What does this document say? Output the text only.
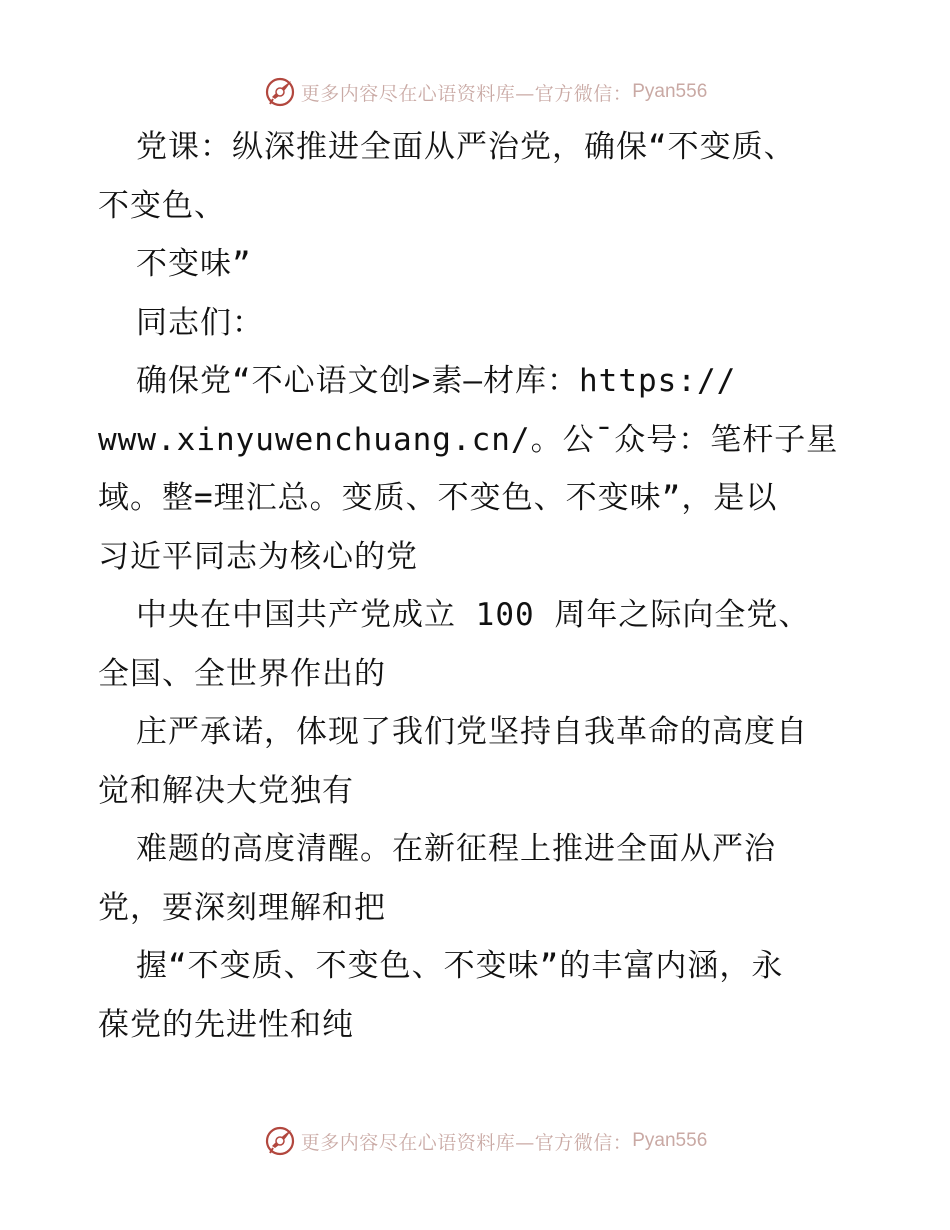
更多内容尽在心语资料库—官方微信： Pyan556
党课：纵深推进全面从严治党，确保“不变质、
不变色、
不变味”
同志们：
确保党“不心语文创>素—材库：https://
www.xinyuwenchuang.cn/。公¯众号：笔杆子星
域。整=理汇总。变质、不变色、不变味”，是以
习近平同志为核心的党
中央在中国共产党成立 100 周年之际向全党、
全国、全世界作出的
庄严承诺，体现了我们党坚持自我革命的高度自
觉和解决大党独有
难题的高度清醒。在新征程上推进全面从严治
党，要深刻理解和把
握“不变质、不变色、不变味”的丰富内涵，永
葆党的先进性和纯
更多内容尽在心语资料库—官方微信： Pyan556
